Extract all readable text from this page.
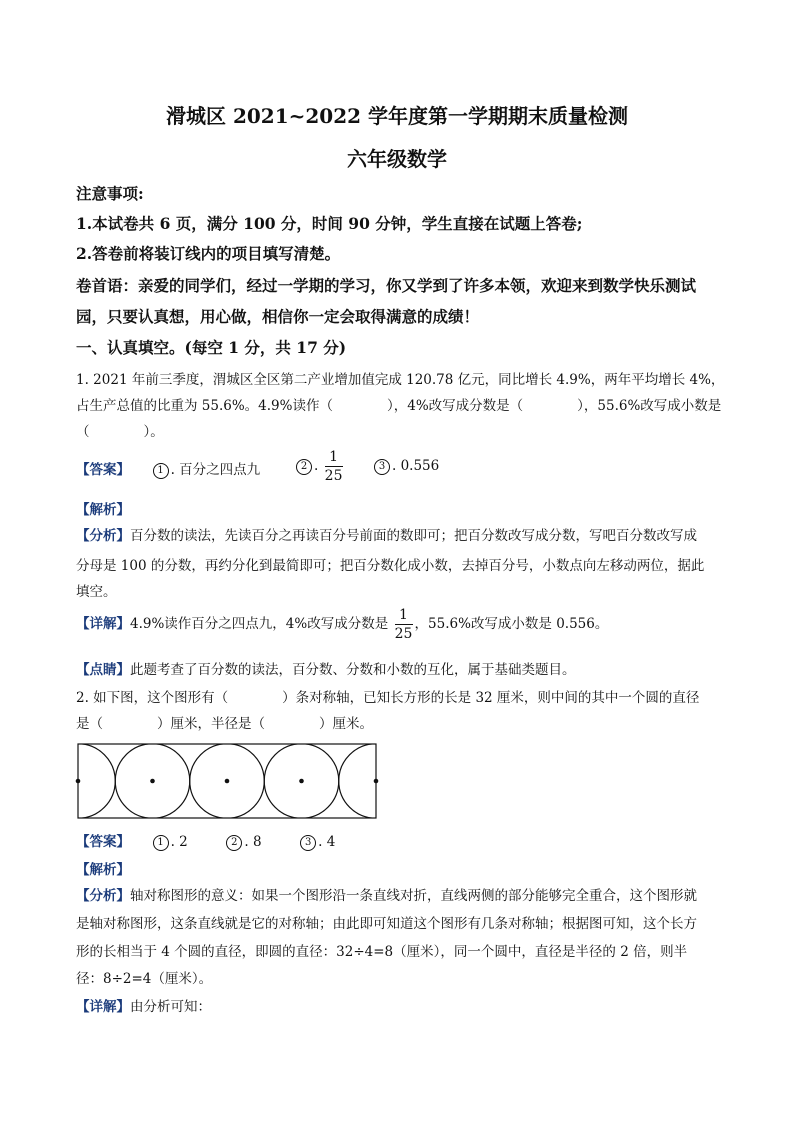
滑城区 2021~2022 学年度第一学期期末质量检测
六年级数学
注意事项:
1.本试卷共 6 页，满分 100 分，时间 90 分钟，学生直接在试题上答卷;
2.答卷前将装订线内的项目填写清楚。
卷首语：亲爱的同学们，经过一学期的学习，你又学到了许多本领，欢迎来到数学快乐测试
园，只要认真想，用心做，相信你一定会取得满意的成绩！
一、认真填空。(每空 1 分，共 17 分)
1. 2021 年前三季度，渭城区全区第二产业增加值完成 120.78 亿元，同比增长 4.9%，两年平均增长 4%，
占生产总值的比重为 55.6%。4.9%读作（　　　　），4%改写成分数是（　　　　），55.6%改写成小数是
（　　　　）。
【答案】	1 . 百分之四点九	2 . $\frac{1}{25}$	3 . 0.556
【解析】
【分析】百分数的读法，先读百分之再读百分号前面的数即可；把百分数改写成分数，写吧百分数改写成
分母是 100 的分数，再约分化到最简即可；把百分数化成小数，去掉百分号，小数点向左移动两位，据此
填空。
【详解】4.9%读作百分之四点九，4%改写成分数是 $\frac{1}{25}$ ，55.6%改写成小数是 0.556。
【点睛】此题考查了百分数的读法，百分数、分数和小数的互化，属于基础类题目。
2. 如下图，这个图形有（　　　　）条对称轴，已知长方形的长是 32 厘米，则中间的其中一个圆的直径
是（　　　　）厘米，半径是（　　　　）厘米。
【答案】	1 . 2	2 . 8	3 . 4
【解析】
【分析】轴对称图形的意义：如果一个图形沿一条直线对折，直线两侧的部分能够完全重合，这个图形就
是轴对称图形，这条直线就是它的对称轴；由此即可知道这个图形有几条对称轴；根据图可知，这个长方
形的长相当于 4 个圆的直径，即圆的直径：32÷4=8（厘米），同一个圆中，直径是半径的 2 倍，则半
径：8÷2=4（厘米）。
【详解】由分析可知：
